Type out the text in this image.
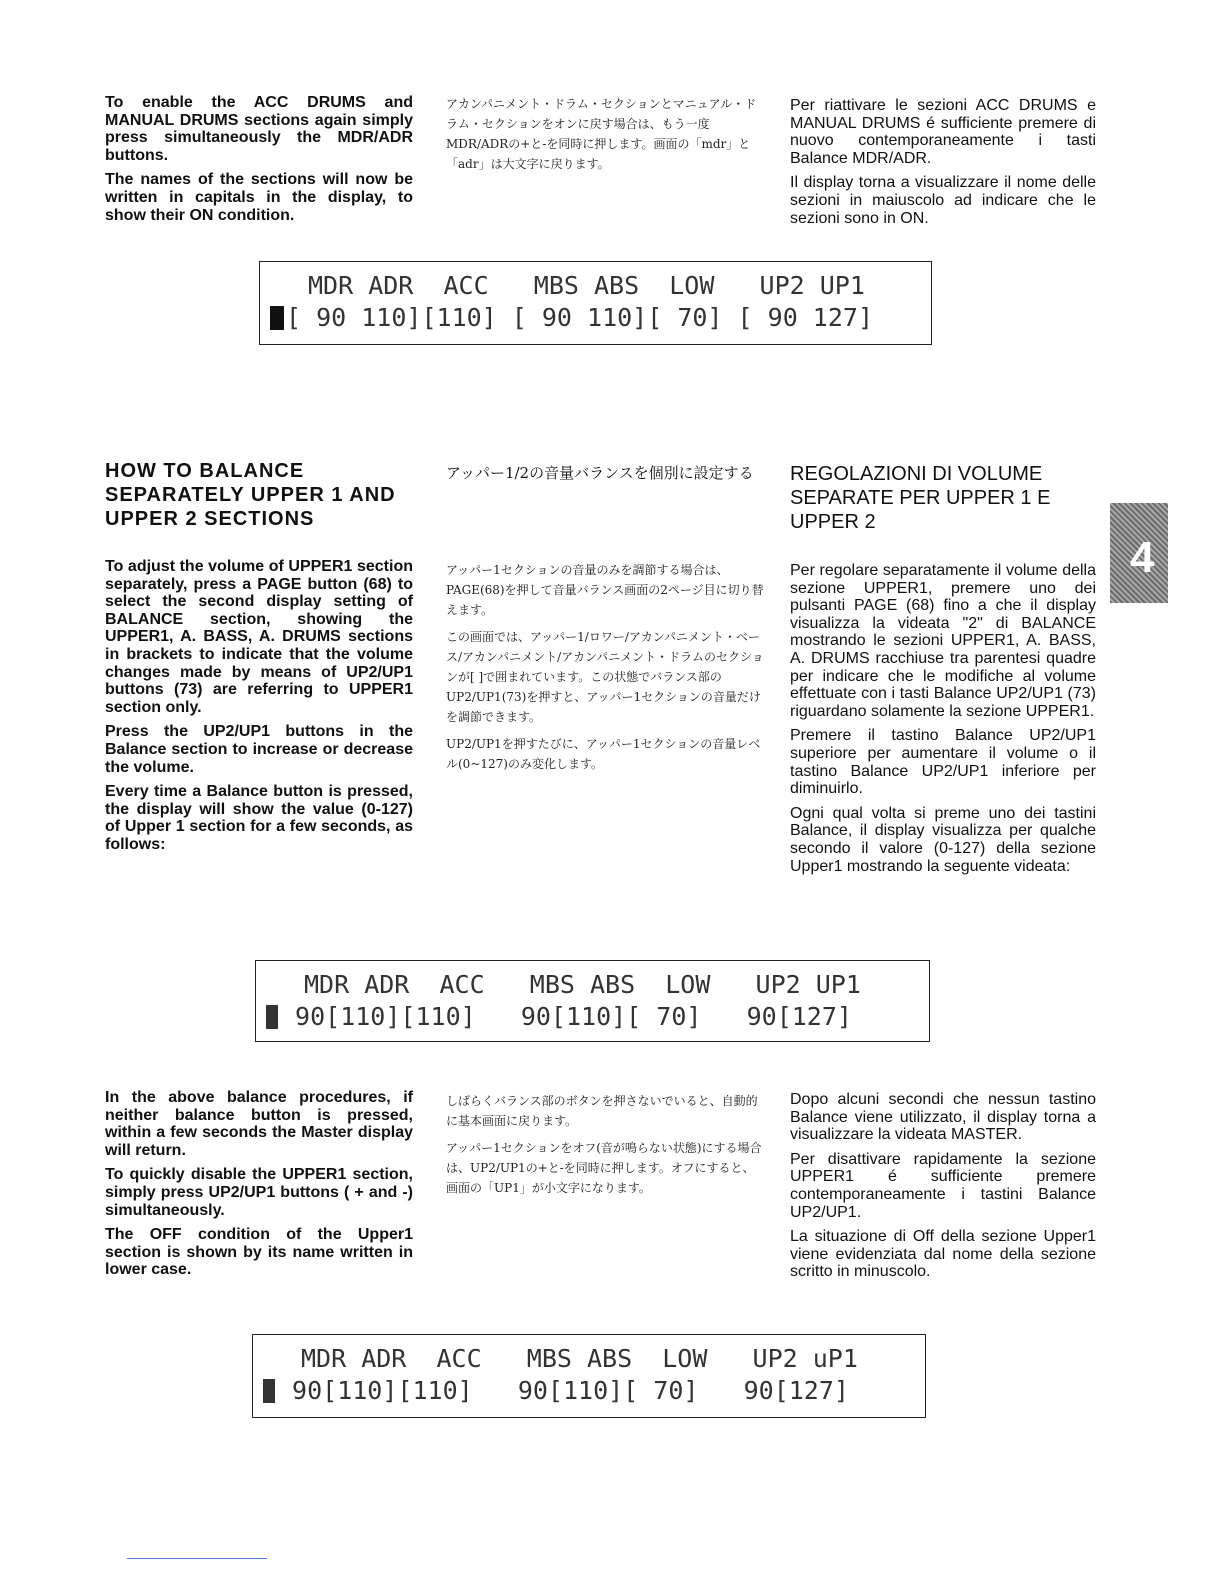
To enable the ACC DRUMS and MANUAL DRUMS sections again simply press simultaneously the MDR/ADR buttons.

The names of the sections will now be written in capitals in the display, to show their ON condition.

アカンパニメント・ドラム・セクションとマニュアル・ドラム・セクションをオンに戻す場合は、もう一度MDR/ADRの+と-を同時に押します。画面の「mdr」と「adr」は大文字に戻ります。

Per riattivare le sezioni ACC DRUMS e MANUAL DRUMS é sufficiente premere di nuovo contemporaneamente i tasti Balance MDR/ADR.

Il display torna a visualizzare il nome delle sezioni in maiuscolo ad indicare che le sezioni sono in ON.

MDR ADR  ACC   MBS ABS  LOW   UP2 UP1
[ 90 110][110] [ 90 110][ 70] [ 90 127]
HOW TO BALANCE SEPARATELY UPPER 1 AND UPPER 2 SECTIONS
アッパー1/2の音量バランスを個別に設定する	REGOLAZIONI DI VOLUME SEPARATE PER UPPER 1 E UPPER 2

To adjust the volume of UPPER1 section separately, press a PAGE button (68) to select the second display setting of BALANCE section, showing the UPPER1, A. BASS, A. DRUMS sections in brackets to indicate that the volume changes made by means of UP2/UP1 buttons (73) are referring to UPPER1 section only.

Press the UP2/UP1 buttons in the Balance section to increase or decrease the volume.

Every time a Balance button is pressed, the display will show the value (0-127) of Upper 1 section for a few seconds, as follows:

アッパー1セクションの音量のみを調節する場合は、PAGE(68)を押して音量バランス画面の2ページ目に切り替えます。

この画面では、アッパー1/ロワー/アカンパニメント・ベース/アカンパニメント/アカンパニメント・ドラムのセクションが[ ]で囲まれています。この状態でバランス部のUP2/UP1(73)を押すと、アッパー1セクションの音量だけを調節できます。

UP2/UP1を押すたびに、アッパー1セクションの音量レベル(0~127)のみ変化します。

Per regolare separatamente il volume della sezione UPPER1, premere uno dei pulsanti PAGE (68) fino a che il display visualizza la videata "2" di BALANCE mostrando le sezioni UPPER1, A. BASS, A. DRUMS racchiuse tra parentesi quadre per indicare che le modifiche al volume effettuate con i tasti Balance UP2/UP1 (73) riguardano solamente la sezione UPPER1.

Premere il tastino Balance UP2/UP1 superiore per aumentare il volume o il tastino Balance UP2/UP1 inferiore per diminuirlo.

Ogni qual volta si preme uno dei tastini Balance, il display visualizza per qualche secondo il valore (0-127) della sezione Upper1 mostrando la seguente videata:

MDR ADR  ACC   MBS ABS  LOW   UP2 UP1
90[110][110]   90[110][ 70]   90[127]

In the above balance procedures, if neither balance button is pressed, within a few seconds the Master display will return.

To quickly disable the UPPER1 section, simply press UP2/UP1 buttons ( + and -) simultaneously.

The OFF condition of the Upper1 section is shown by its name written in lower case.

しばらくバランス部のボタンを押さないでいると、自動的に基本画面に戻ります。

アッパー1セクションをオフ(音が鳴らない状態)にする場合は、UP2/UP1の+と-を同時に押します。オフにすると、画面の「UP1」が小文字になります。

Dopo alcuni secondi che nessun tastino Balance viene utilizzato, il display torna a visualizzare la videata MASTER.

Per disattivare rapidamente la sezione UPPER1 é sufficiente premere contemporaneamente i tastini Balance UP2/UP1.

La situazione di Off della sezione Upper1 viene evidenziata dal nome della sezione scritto in minuscolo.

MDR ADR  ACC   MBS ABS  LOW   UP2 uP1
90[110][110]   90[110][ 70]   90[127]
4
